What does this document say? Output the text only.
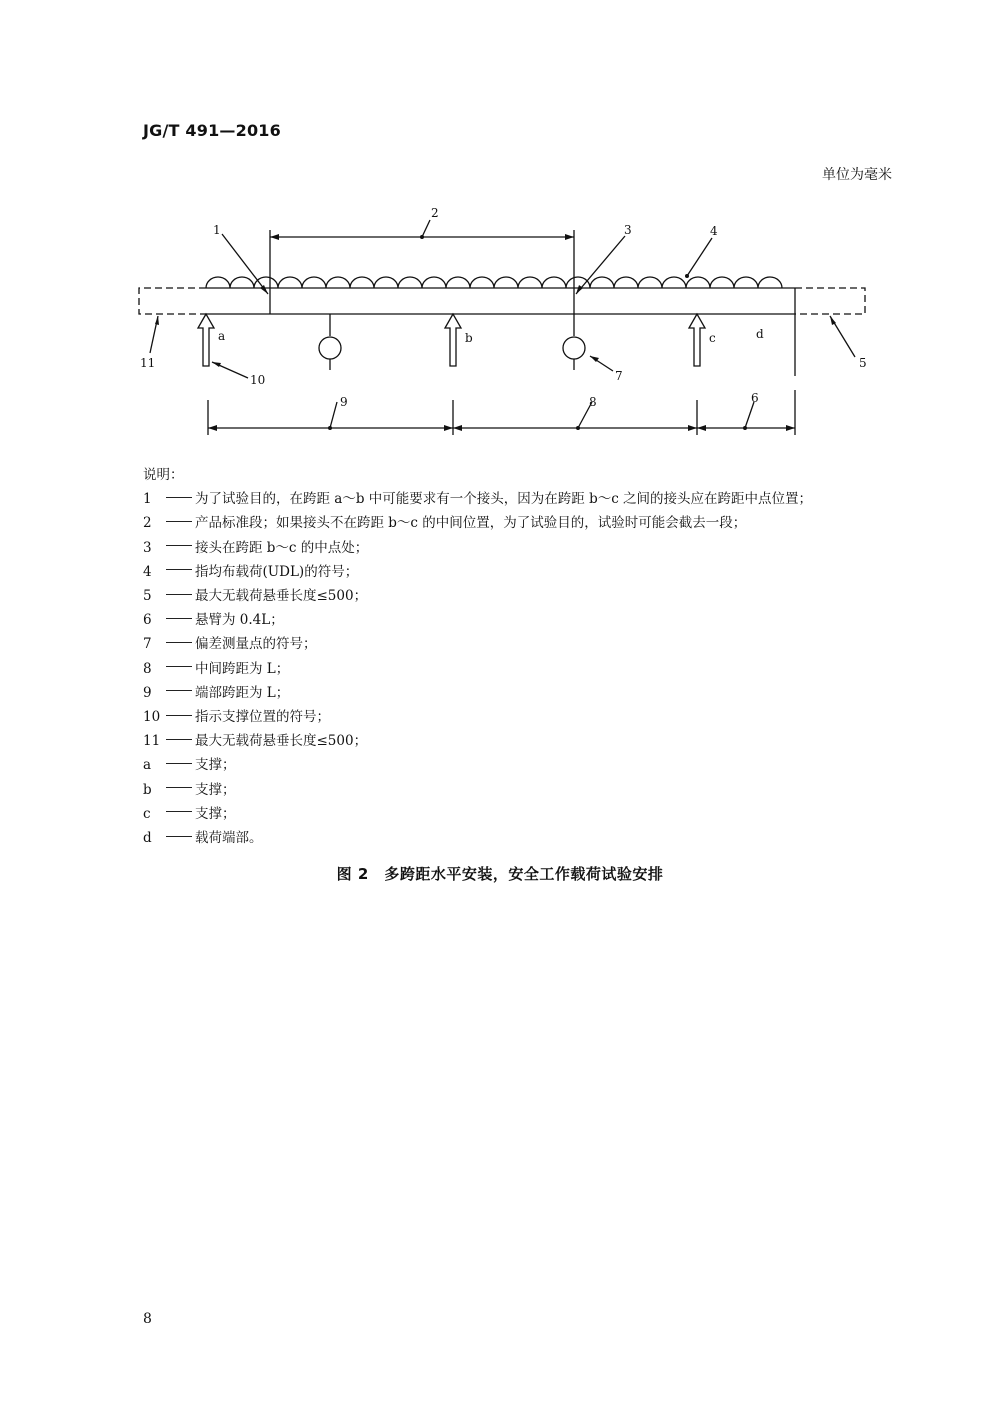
JG/T 491—2016
单位为毫米
1
2
3	4
5
6
7
8
9
10
11
a	b	c	d
说明：
1	为了试验目的，在跨距 a～b 中可能要求有一个接头，因为在跨距 b～c 之间的接头应在跨距中点位置；
2	产品标准段；如果接头不在跨距 b～c 的中间位置，为了试验目的，试验时可能会截去一段；
3	接头在跨距 b～c 的中点处；
4	指均布载荷(UDL)的符号；
5	最大无载荷悬垂长度≤500；
6	悬臂为 0.4L；
7	偏差测量点的符号；
8	中间跨距为 L；
9	端部跨距为 L；
10	指示支撑位置的符号；
11	最大无载荷悬垂长度≤500；
a	支撑；
b	支撑；
c	支撑；
d	载荷端部。
图 2　多跨距水平安装，安全工作载荷试验安排
8
